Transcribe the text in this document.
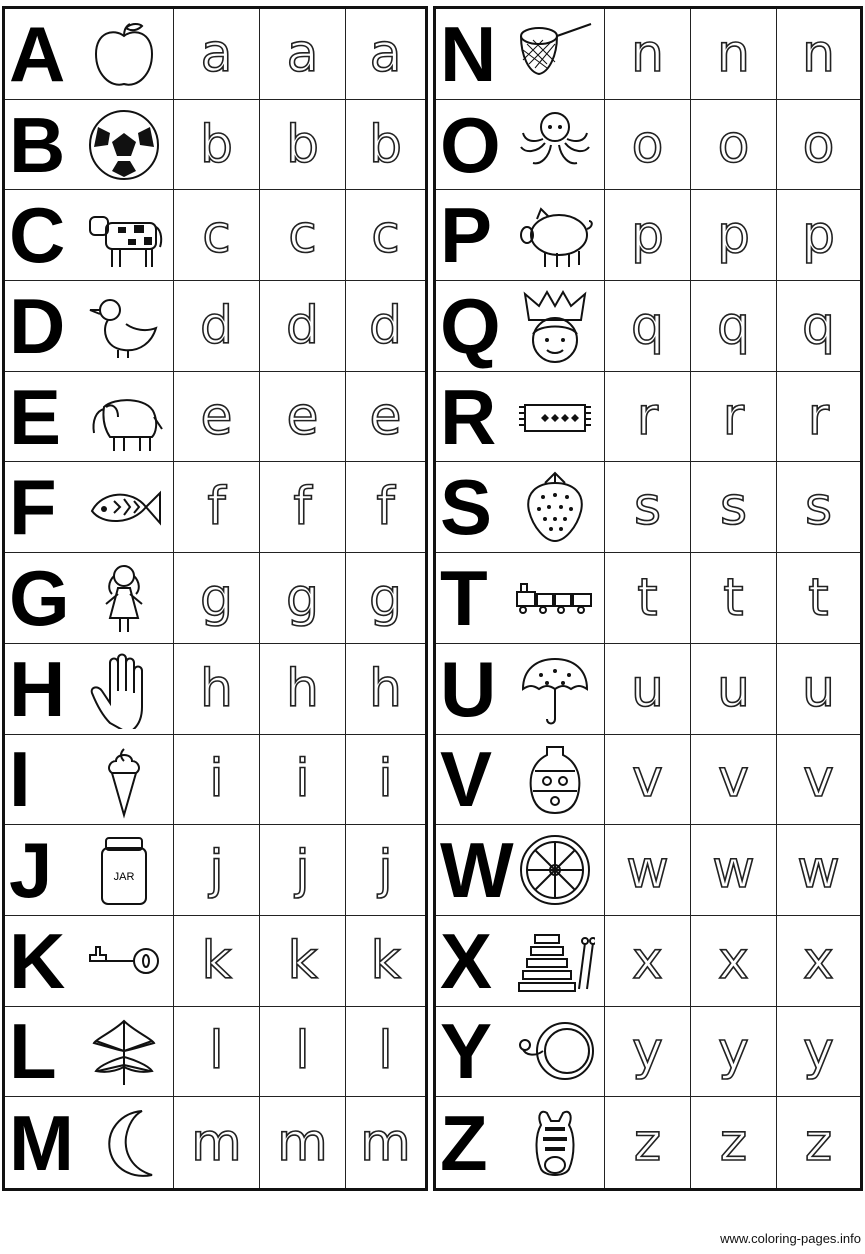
A	a a a
B	b b b
C	c c c
D	d d d
E	e e e
F	f f f
G	g g g
H	h h h
I	i i i
J	JAR j j j
K	k k k
L	l l l
M m m m
N	n n n
O	o o o
P	p p p
Q	q q q
R	r r r
S	s s s
T	t t t
U	u u u
V	v v v
W w w w
X	x x x
Y	y y y
Z	z z z
www.coloring-pages.info
